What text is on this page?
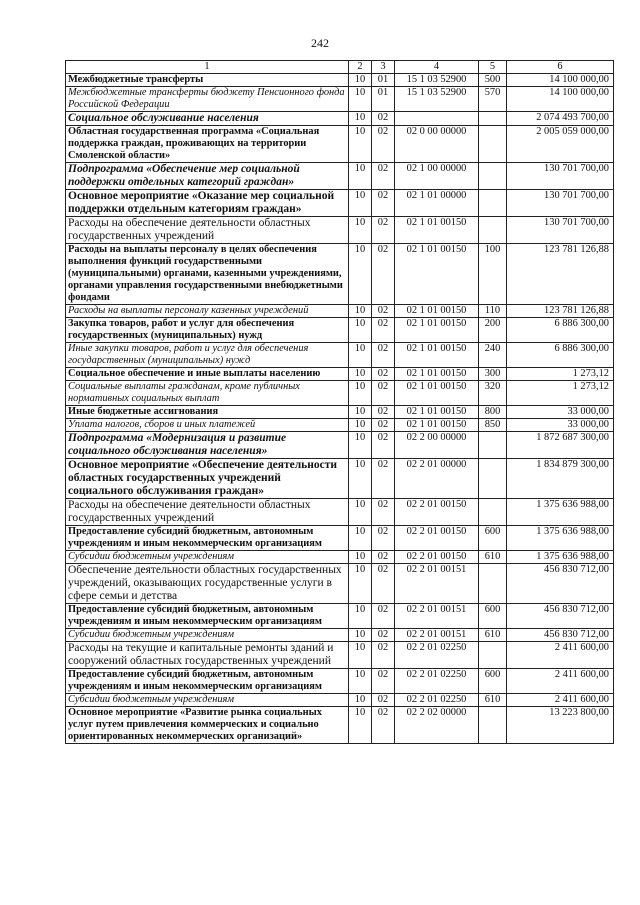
242
1	2	3	4	5	6
Межбюджетные трансферты	10	01	15 1 03 52900	500	14 100 000,00
Межбюджетные трансферты бюджету Пенсионного фонда Российской Федерации	10	01	15 1 03 52900	570	14 100 000,00
Социальное обслуживание населения	10	02			2 074 493 700,00
Областная государственная программа «Социальная поддержка граждан, проживающих на территории Смоленской области»	10	02	02 0 00 00000		2 005 059 000,00
Подпрограмма «Обеспечение мер социальной поддержки отдельных категорий граждан»	10	02	02 1 00 00000		130 701 700,00
Основное мероприятие «Оказание мер социальной поддержки отдельным категориям граждан»	10	02	02 1 01 00000		130 701 700,00
Расходы на обеспечение деятельности областных государственных учреждений	10	02	02 1 01 00150		130 701 700,00
Расходы на выплаты персоналу в целях обеспечения выполнения функций государственными (муниципальными) органами, казенными учреждениями, органами управления государственными внебюджетными фондами	10	02	02 1 01 00150	100	123 781 126,88
Расходы на выплаты персоналу казенных учреждений	10	02	02 1 01 00150	110	123 781 126,88
Закупка товаров, работ и услуг для обеспечения государственных (муниципальных) нужд	10	02	02 1 01 00150	200	6 886 300,00
Иные закупки товаров, работ и услуг для обеспечения государственных (муниципальных) нужд	10	02	02 1 01 00150	240	6 886 300,00
Социальное обеспечение и иные выплаты населению	10	02	02 1 01 00150	300	1 273,12
Социальные выплаты гражданам, кроме публичных нормативных социальных выплат	10	02	02 1 01 00150	320	1 273,12
Иные бюджетные ассигнования	10	02	02 1 01 00150	800	33 000,00
Уплата налогов, сборов и иных платежей	10	02	02 1 01 00150	850	33 000,00
Подпрограмма «Модернизация и развитие социального обслуживания населения»	10	02	02 2 00 00000		1 872 687 300,00
Основное мероприятие «Обеспечение деятельности областных государственных учреждений социального обслуживания граждан»	10	02	02 2 01 00000		1 834 879 300,00
Расходы на обеспечение деятельности областных государственных учреждений	10	02	02 2 01 00150		1 375 636 988,00
Предоставление субсидий бюджетным, автономным учреждениям и иным некоммерческим организациям	10	02	02 2 01 00150	600	1 375 636 988,00
Субсидии бюджетным учреждениям	10	02	02 2 01 00150	610	1 375 636 988,00
Обеспечение деятельности областных государственных учреждений, оказывающих государственные услуги в сфере семьи и детства	10	02	02 2 01 00151		456 830 712,00
Предоставление субсидий бюджетным, автономным учреждениям и иным некоммерческим организациям	10	02	02 2 01 00151	600	456 830 712,00
Субсидии бюджетным учреждениям	10	02	02 2 01 00151	610	456 830 712,00
Расходы на текущие и капитальные ремонты зданий и сооружений областных государственных учреждений	10	02	02 2 01 02250		2 411 600,00
Предоставление субсидий бюджетным, автономным учреждениям и иным некоммерческим организациям	10	02	02 2 01 02250	600	2 411 600,00
Субсидии бюджетным учреждениям	10	02	02 2 01 02250	610	2 411 600,00
Основное мероприятие «Развитие рынка социальных услуг путем привлечения коммерческих и социально ориентированных некоммерческих организаций»	10	02	02 2 02 00000		13 223 800,00
